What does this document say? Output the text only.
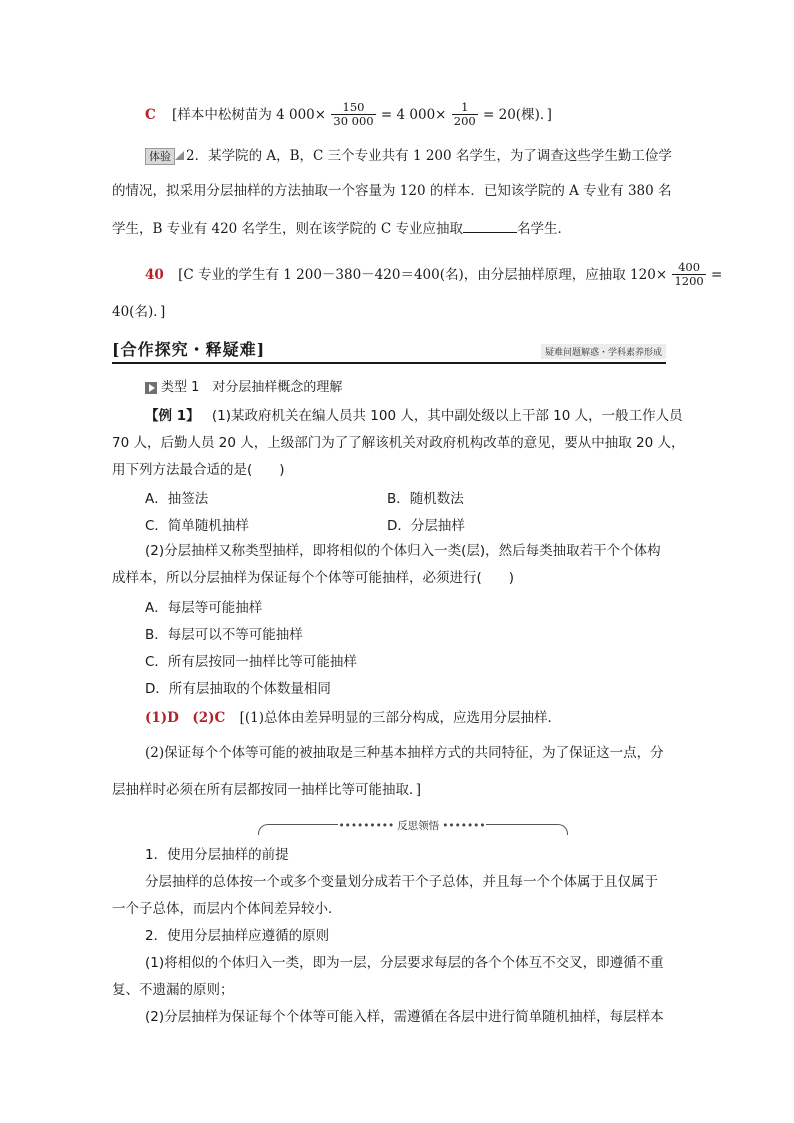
C [样本中松树苗为 4 $000\times \frac{150}{30 000} = 4$ $000\times \frac{1}{200} = 20$(棵)．]
体验 2．某学院的 A，B，C 三个专业共有 1 200 名学生，为了调查这些学生勤工俭学
的情况，拟采用分层抽样的方法抽取一个容量为 120 的样本．已知该学院的 A 专业有 380 名
学生，B 专业有 420 名学生，则在该学院的 C 专业应抽取	名学生．
40 [C 专业的学生有 1 200－380－420＝400(名)，由分层抽样原理，应抽取 $120\times \frac{400}{1200}$ =
40(名)．]
[合作探究・释疑难]	疑难问题解惑・学科素养形成
类型 1　对分层抽样概念的理解
【例 1】 (1)某政府机关在编人员共 100 人，其中副处级以上干部 10 人，一般工作人员
70 人，后勤人员 20 人，上级部门为了了解该机关对政府机构改革的意见，要从中抽取 20 人，
用下列方法最合适的是(　　)
A．抽签法	B．随机数法
C．简单随机抽样	D．分层抽样
(2)分层抽样又称类型抽样，即将相似的个体归入一类(层)，然后每类抽取若干个个体构
成样本，所以分层抽样为保证每个个体等可能抽样，必须进行(　　)
A．每层等可能抽样
B．每层可以不等可能抽样
C．所有层按同一抽样比等可能抽样
D．所有层抽取的个体数量相同
(1)D　(2)C [(1)总体由差异明显的三部分构成，应选用分层抽样．
(2)保证每个个体等可能的被抽取是三种基本抽样方式的共同特征，为了保证这一点，分
层抽样时必须在所有层都按同一抽样比等可能抽取．]
••••••••• 反思领悟 •••••••
1．使用分层抽样的前提
分层抽样的总体按一个或多个变量划分成若干个子总体，并且每一个个体属于且仅属于
一个子总体，而层内个体间差异较小．
2．使用分层抽样应遵循的原则
(1)将相似的个体归入一类，即为一层，分层要求每层的各个个体互不交叉，即遵循不重
复、不遗漏的原则；
(2)分层抽样为保证每个个体等可能入样，需遵循在各层中进行简单随机抽样，每层样本
